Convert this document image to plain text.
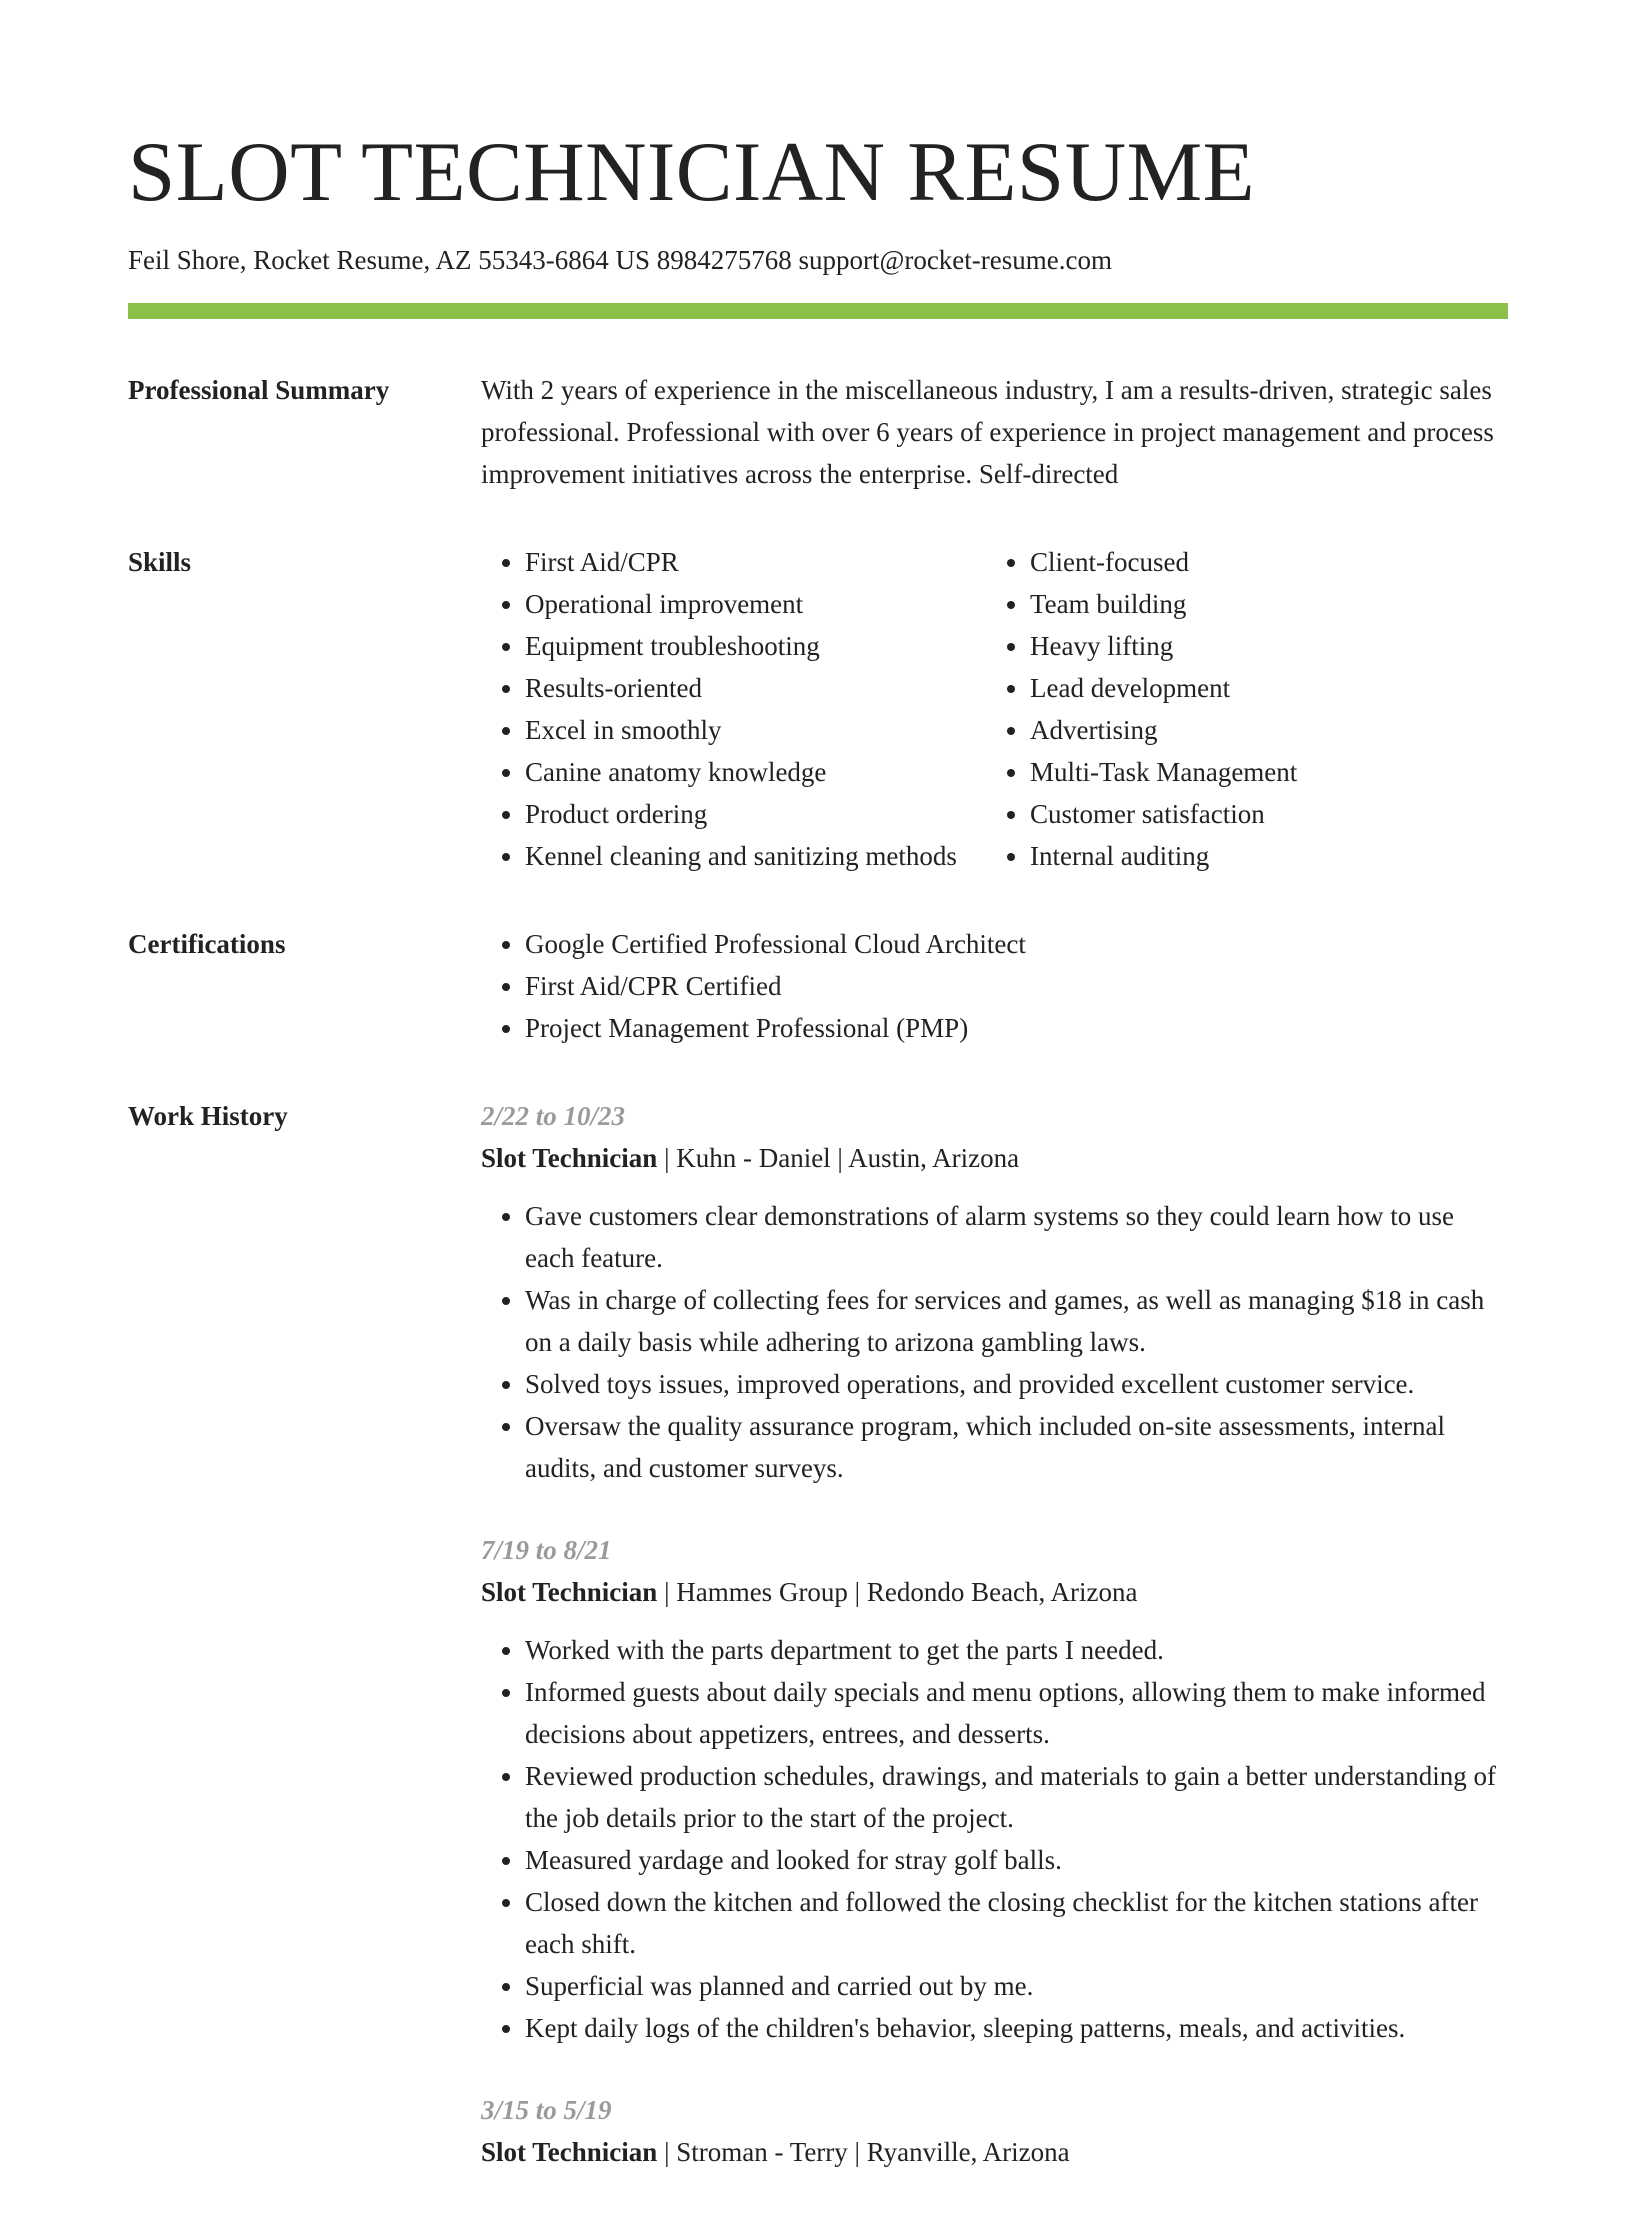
SLOT TECHNICIAN RESUME
Feil Shore, Rocket Resume, AZ 55343-6864 US 8984275768 support@rocket-resume.com
Professional Summary	With 2 years of experience in the miscellaneous industry, I am a results-driven, strategic sales professional. Professional with over 6 years of experience in project management and process improvement initiatives across the enterprise. Self-directed

Skills	• First Aid/CPR
• Operational improvement
• Equipment troubleshooting
• Results-oriented
• Excel in smoothly
• Canine anatomy knowledge
• Product ordering
• Kennel cleaning and sanitizing methods
• Client-focused
• Team building
• Heavy lifting
• Lead development
• Advertising
• Multi-Task Management
• Customer satisfaction
• Internal auditing
Certifications	• Google Certified Professional Cloud Architect
• First Aid/CPR Certified
• Project Management Professional (PMP)
Work History	2/22 to 10/23
Slot Technician | Kuhn - Daniel | Austin, Arizona
• Gave customers clear demonstrations of alarm systems so they could learn how to use each feature.
• Was in charge of collecting fees for services and games, as well as managing $18 in cash on a daily basis while adhering to arizona gambling laws.
• Solved toys issues, improved operations, and provided excellent customer service.
• Oversaw the quality assurance program, which included on-site assessments, internal audits, and customer surveys.
7/19 to 8/21
Slot Technician | Hammes Group | Redondo Beach, Arizona
• Worked with the parts department to get the parts I needed.
• Informed guests about daily specials and menu options, allowing them to make informed decisions about appetizers, entrees, and desserts.
• Reviewed production schedules, drawings, and materials to gain a better understanding of the job details prior to the start of the project.
• Measured yardage and looked for stray golf balls.
• Closed down the kitchen and followed the closing checklist for the kitchen stations after each shift.
• Superficial was planned and carried out by me.
• Kept daily logs of the children's behavior, sleeping patterns, meals, and activities.
3/15 to 5/19
Slot Technician | Stroman - Terry | Ryanville, Arizona
